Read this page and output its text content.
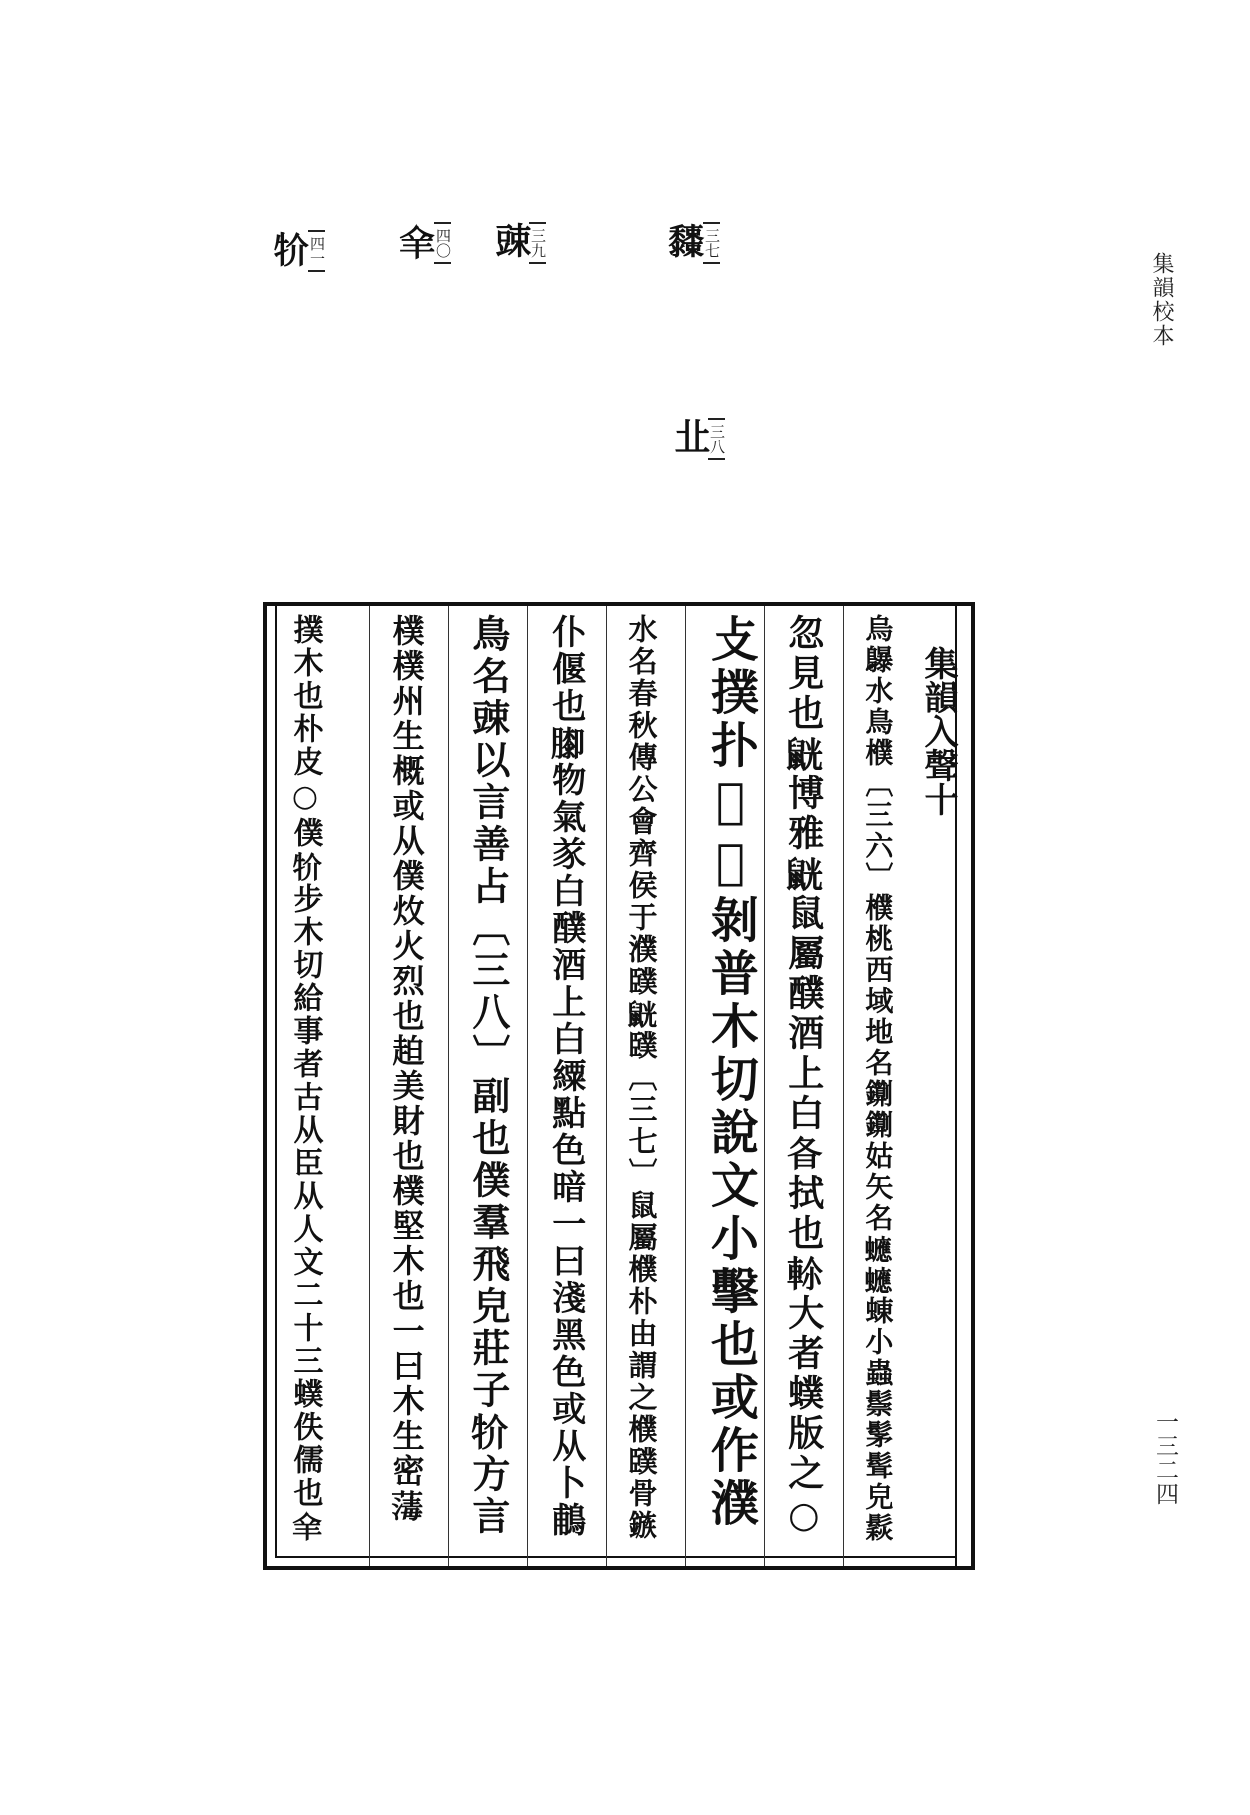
集韻校本
一三二四
三七
𪐓
三八
㐀
三九
䜹
四〇
𦍐
四一
𤘦
集韻入聲十
烏鸔水鳥㯷〔三六〕㯷桃西域地名䥷䥷姑矢名𧕄𧕄蝀小蟲鬃髳髶皃鬏
忽見也𪕓博雅𪕓鼠屬醭酒上白𣅈拭也𨋏大者䗱版之○
攴撲扑𡯤𡯮剝普木切說文小擊也或作濮
水名春秋傳公會齊侯于濮䑑𪕓䑑〔三七〕鼠屬㯷朴由謂之㯷䑑骨鏃
仆偃也𦡩物氣㒸白醭酒上白䌚點色暗一曰淺黑色或从卜鵏
鳥名䜹以言善占〔三八〕副也僕羣飛皃莊子𤘦方言
樸樸州生概或从僕炇火烈也䞟美財也樸堅木也一曰木生密𦺇
撲木也朴皮○僕𤘦步木切給事者古从臣从人文二十三䗱佚儒也𦍐
